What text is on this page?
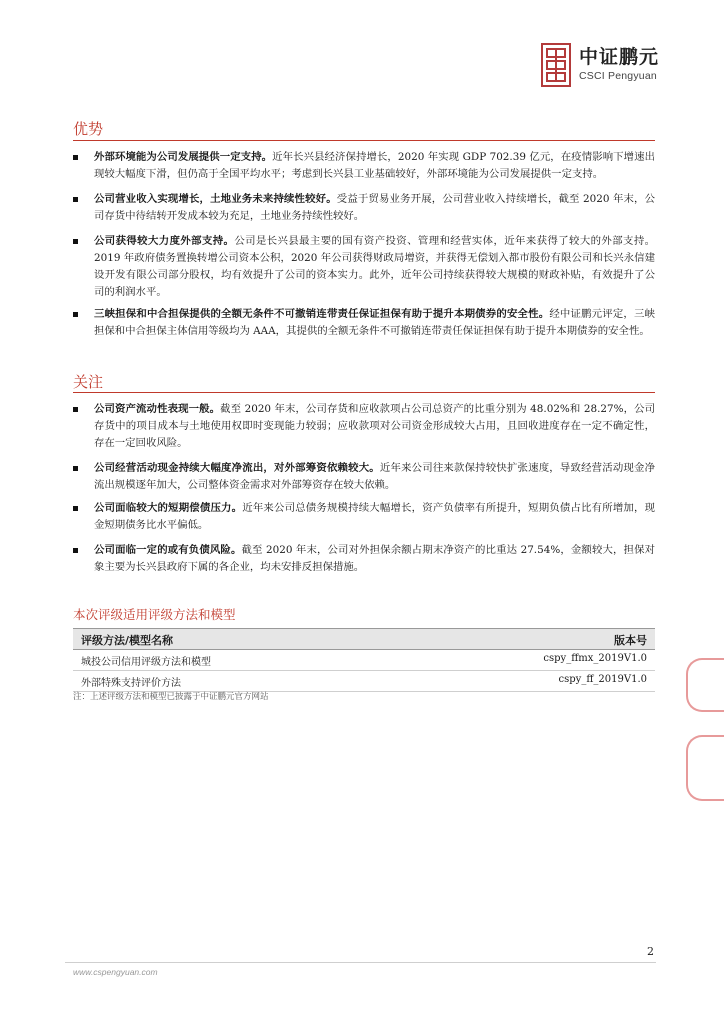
中证鹏元
CSCI Pengyuan
优势
外部环境能为公司发展提供一定支持。近年长兴县经济保持增长，2020 年实现 GDP 702.39 亿元，在疫情影响下增速出现较大幅度下滑，但仍高于全国平均水平；考虑到长兴县工业基础较好，外部环境能为公司发展提供一定支持。
公司营业收入实现增长，土地业务未来持续性较好。受益于贸易业务开展，公司营业收入持续增长，截至 2020 年末，公司存货中待结转开发成本较为充足，土地业务持续性较好。
公司获得较大力度外部支持。公司是长兴县最主要的国有资产投资、管理和经营实体，近年来获得了较大的外部支持。2019 年政府债务置换转增公司资本公积，2020 年公司获得财政局增资，并获得无偿划入都市股份有限公司和长兴永信建设开发有限公司部分股权，均有效提升了公司的资本实力。此外，近年公司持续获得较大规模的财政补贴，有效提升了公司的利润水平。
三峡担保和中合担保提供的全额无条件不可撤销连带责任保证担保有助于提升本期债券的安全性。经中证鹏元评定，三峡担保和中合担保主体信用等级均为 AAA，其提供的全额无条件不可撤销连带责任保证担保有助于提升本期债券的安全性。
关注
公司资产流动性表现一般。截至 2020 年末，公司存货和应收款项占公司总资产的比重分别为 48.02%和 28.27%，公司存货中的项目成本与土地使用权即时变现能力较弱；应收款项对公司资金形成较大占用，且回收进度存在一定不确定性，存在一定回收风险。
公司经营活动现金持续大幅度净流出，对外部筹资依赖较大。近年来公司往来款保持较快扩张速度，导致经营活动现金净流出规模逐年加大，公司整体资金需求对外部筹资存在较大依赖。
公司面临较大的短期偿债压力。近年来公司总债务规模持续大幅增长，资产负债率有所提升，短期负债占比有所增加，现金短期债务比水平偏低。
公司面临一定的或有负债风险。截至 2020 年末，公司对外担保余额占期末净资产的比重达 27.54%，金额较大，担保对象主要为长兴县政府下属的各企业，均未安排反担保措施。
本次评级适用评级方法和模型
评级方法/模型名称	版本号
城投公司信用评级方法和模型	cspy_ffmx_2019V1.0
外部特殊支持评价方法	cspy_ff_2019V1.0
注：上述评级方法和模型已披露于中证鹏元官方网站
2
www.cspengyuan.com
